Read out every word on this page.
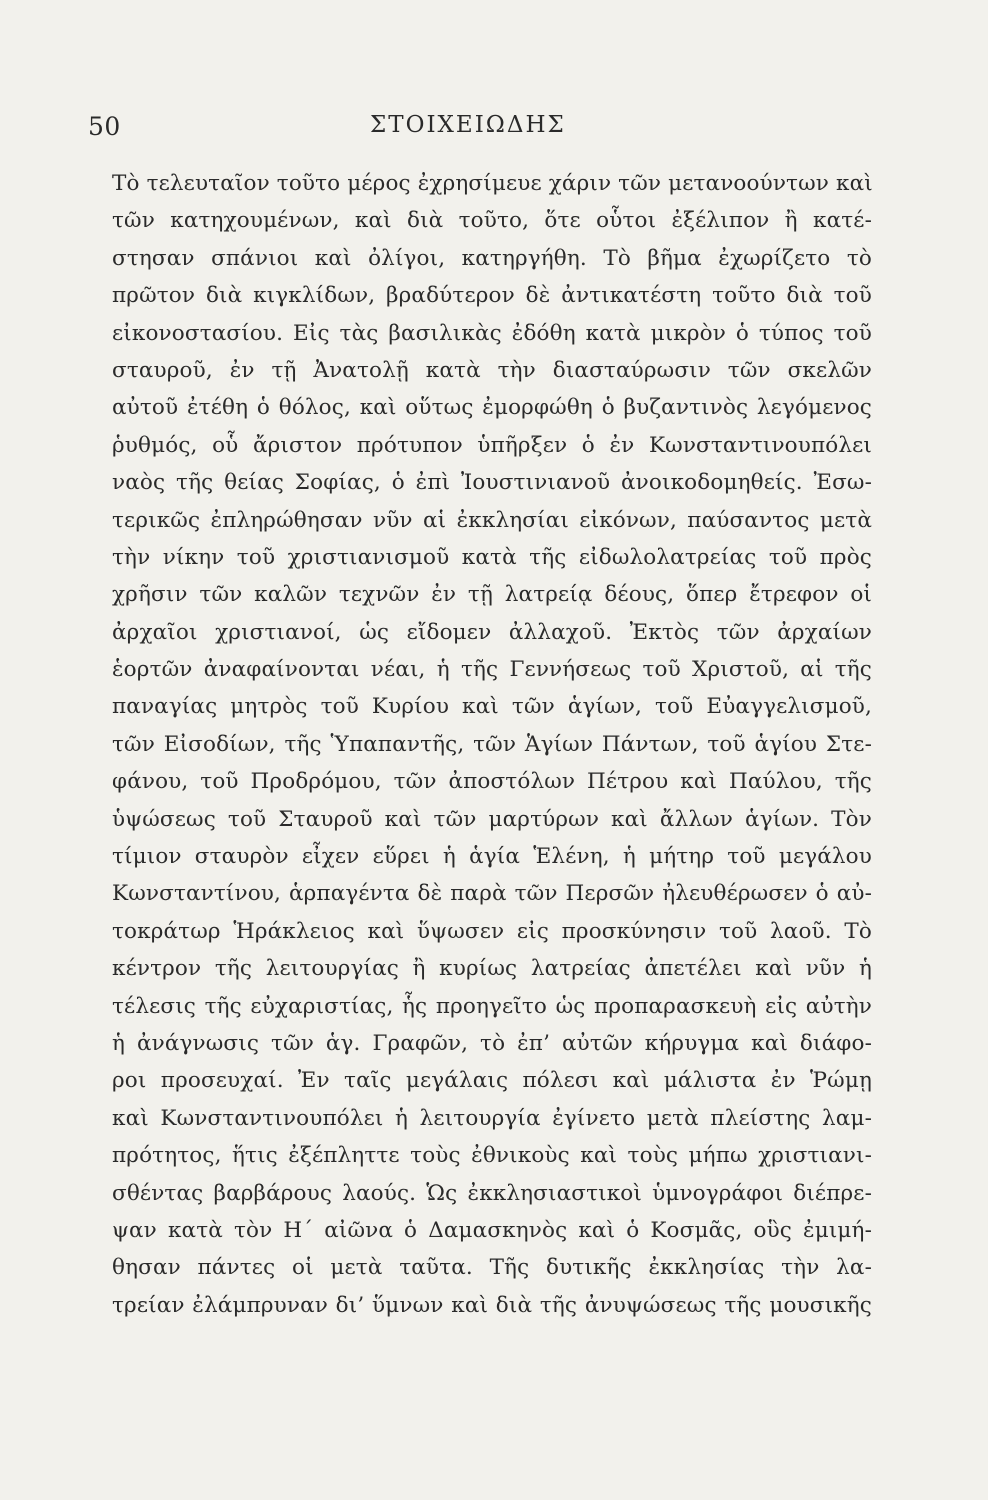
50	ΣΤΟΙΧΕΙΩΔΗΣ
Τὸ τελευταῖον τοῦτο μέρος ἐχρησίμευε χάριν τῶν μετανοούντων καὶ
τῶν κατηχουμένων, καὶ διὰ τοῦτο, ὅτε οὗτοι ἐξέλιπον ἢ κατέ-
στησαν σπάνιοι καὶ ὀλίγοι, κατηργήθη. Τὸ βῆμα ἐχωρίζετο τὸ
πρῶτον διὰ κιγκλίδων, βραδύτερον δὲ ἀντικατέστη τοῦτο διὰ τοῦ
εἰκονοστασίου. Εἰς τὰς βασιλικὰς ἐδόθη κατὰ μικρὸν ὁ τύπος τοῦ
σταυροῦ, ἐν τῇ Ἀνατολῇ κατὰ τὴν διασταύρωσιν τῶν σκελῶν
αὐτοῦ ἐτέθη ὁ θόλος, καὶ οὕτως ἐμορφώθη ὁ βυζαντινὸς λεγόμενος
ῥυθμός, οὗ ἄριστον πρότυπον ὑπῆρξεν ὁ ἐν Κωνσταντινουπόλει
ναὸς τῆς θείας Σοφίας, ὁ ἐπὶ Ἰουστινιανοῦ ἀνοικοδομηθείς. Ἐσω-
τερικῶς ἐπληρώθησαν νῦν αἱ ἐκκλησίαι εἰκόνων, παύσαντος μετὰ
τὴν νίκην τοῦ χριστιανισμοῦ κατὰ τῆς εἰδωλολατρείας τοῦ πρὸς
χρῆσιν τῶν καλῶν τεχνῶν ἐν τῇ λατρείᾳ δέους, ὅπερ ἔτρεφον οἱ
ἀρχαῖοι χριστιανοί, ὡς εἴδομεν ἀλλαχοῦ. Ἐκτὸς τῶν ἀρχαίων
ἑορτῶν ἀναφαίνονται νέαι, ἡ τῆς Γεννήσεως τοῦ Χριστοῦ, αἱ τῆς
παναγίας μητρὸς τοῦ Κυρίου καὶ τῶν ἁγίων, τοῦ Εὐαγγελισμοῦ,
τῶν Εἰσοδίων, τῆς Ὑπαπαντῆς, τῶν Ἁγίων Πάντων, τοῦ ἁγίου Στε-
φάνου, τοῦ Προδρόμου, τῶν ἀποστόλων Πέτρου καὶ Παύλου, τῆς
ὑψώσεως τοῦ Σταυροῦ καὶ τῶν μαρτύρων καὶ ἄλλων ἁγίων. Τὸν
τίμιον σταυρὸν εἶχεν εὕρει ἡ ἁγία Ἑλένη, ἡ μήτηρ τοῦ μεγάλου
Κωνσταντίνου, ἁρπαγέντα δὲ παρὰ τῶν Περσῶν ἠλευθέρωσεν ὁ αὐ-
τοκράτωρ Ἡράκλειος καὶ ὕψωσεν εἰς προσκύνησιν τοῦ λαοῦ. Τὸ
κέντρον τῆς λειτουργίας ἢ κυρίως λατρείας ἀπετέλει καὶ νῦν ἡ
τέλεσις τῆς εὐχαριστίας, ἧς προηγεῖτο ὡς προπαρασκευὴ εἰς αὐτὴν
ἡ ἀνάγνωσις τῶν ἁγ. Γραφῶν, τὸ ἐπ’ αὐτῶν κήρυγμα καὶ διάφο-
ροι προσευχαί. Ἐν ταῖς μεγάλαις πόλεσι καὶ μάλιστα ἐν Ῥώμῃ
καὶ Κωνσταντινουπόλει ἡ λειτουργία ἐγίνετο μετὰ πλείστης λαμ-
πρότητος, ἥτις ἐξέπληττε τοὺς ἐθνικοὺς καὶ τοὺς μήπω χριστιανι-
σθέντας βαρβάρους λαούς. Ὡς ἐκκλησιαστικοὶ ὑμνογράφοι διέπρε-
ψαν κατὰ τὸν Η΄ αἰῶνα ὁ Δαμασκηνὸς καὶ ὁ Κοσμᾶς, οὓς ἐμιμή-
θησαν πάντες οἱ μετὰ ταῦτα. Τῆς δυτικῆς ἐκκλησίας τὴν λα-
τρείαν ἐλάμπρυναν δι’ ὕμνων καὶ διὰ τῆς ἀνυψώσεως τῆς μουσικῆς
